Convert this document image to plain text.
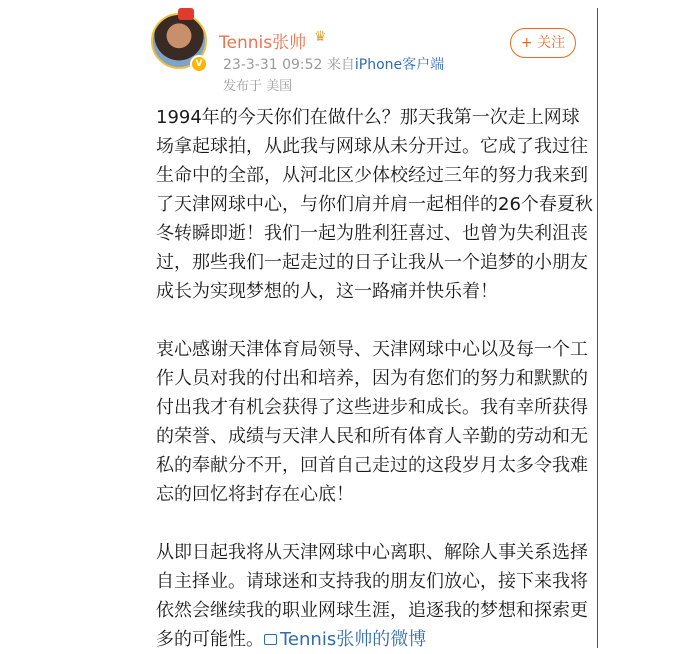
V
Tennis张帅 ♛
23-3-31 09:52 来自iPhone客户端
发布于 美国
+ 关注

1994年的今天你们在做什么？那天我第一次走上网球场拿起球拍，从此我与网球从未分开过。它成了我过往生命中的全部，从河北区少体校经过三年的努力我来到了天津网球中心，与你们肩并肩一起相伴的26个春夏秋冬转瞬即逝！我们一起为胜利狂喜过、也曾为失利沮丧过，那些我们一起走过的日子让我从一个追梦的小朋友成长为实现梦想的人，这一路痛并快乐着！

衷心感谢天津体育局领导、天津网球中心以及每一个工作人员对我的付出和培养，因为有您们的努力和默默的付出我才有机会获得了这些进步和成长。我有幸所获得的荣誉、成绩与天津人民和所有体育人辛勤的劳动和无私的奉献分不开，回首自己走过的这段岁月太多令我难忘的回忆将封存在心底！

从即日起我将从天津网球中心离职、解除人事关系选择自主择业。请球迷和支持我的朋友们放心，接下来我将依然会继续我的职业网球生涯，追逐我的梦想和探索更多的可能性。 Tennis张帅的微博
